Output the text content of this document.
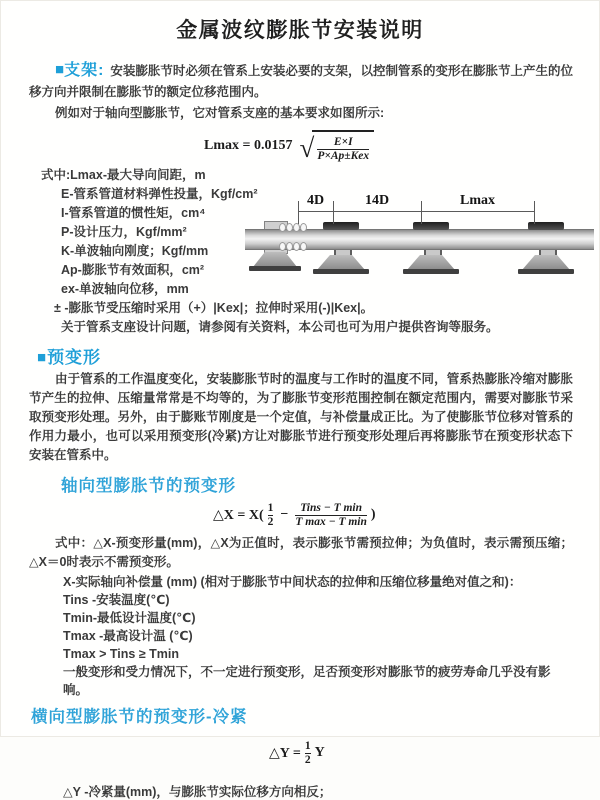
金属波纹膨胀节安装说明

■支架: 安装膨胀节时必须在管系上安装必要的支架，以控制管系的变形在膨胀节上产生的位移方向并限制在膨胀节的额定位移范围内。

例如对于轴向型膨胀节，它对管系支座的基本要求如图所示:

Lmax = 0.0157 √	E×I
P×Ap±Kex
式中:Lmax-最大导向间距，m
E-管系管道材料弹性投量，Kgf/cm²
I-管系管道的惯性矩，cm⁴
P-设计压力，Kgf/mm²
K-单波轴向刚度；Kgf/mm
Ap-膨胀节有效面积，cm²
ex-单波轴向位移，mm
± -膨胀节受压缩时采用（+）|Kex|；拉伸时采用(-)|Kex|。
关于管系支座设计问题，请参阅有关资料，本公司也可为用户提供咨询等服务。
4D	14D	Lmax
■预变形

由于管系的工作温度变化，安装膨胀节时的温度与工作时的温度不同，管系热膨胀冷缩对膨胀节产生的拉伸、压缩量常常是不均等的，为了膨胀节变形范围控制在额定范围内，需要对膨胀节采取预变形处理。另外，由于膨账节刚度是一个定值，与补偿量成正比。为了使膨胀节位移对管系的作用力最小，也可以采用预变形(冷紧)方让对膨胀节进行预变形处理后再将膨胀节在预变形状态下安装在管系中。

轴向型膨胀节的预变形
△X = $X( \frac{1}{2}$ −	Tins − T min
T max − T min )

式中：△X-预变形量(mm)，△X为正值时，表示膨张节需预拉伸；为负值时，表示需预压缩；△X＝0时表示不需预变形。

X-实际轴向补偿量 (mm) (相对于膨胀节中间状态的拉伸和压缩位移量绝对值之和)：
Tins -安装温度(℃)
Tmin-最低设计温度(℃)
Tmax -最高设计温 (℃)
Tmax > Tins ≥ Tmin
一般变形和受力情况下，不一定进行预变形，足否预变形对膨胀节的疲劳寿命几乎没有影响。
横向型膨胀节的预变形-冷紧
△Y = $\frac{1}{2}$ Y
△Y -冷紧量(mm)，与膨胀节实际位移方向相反；
